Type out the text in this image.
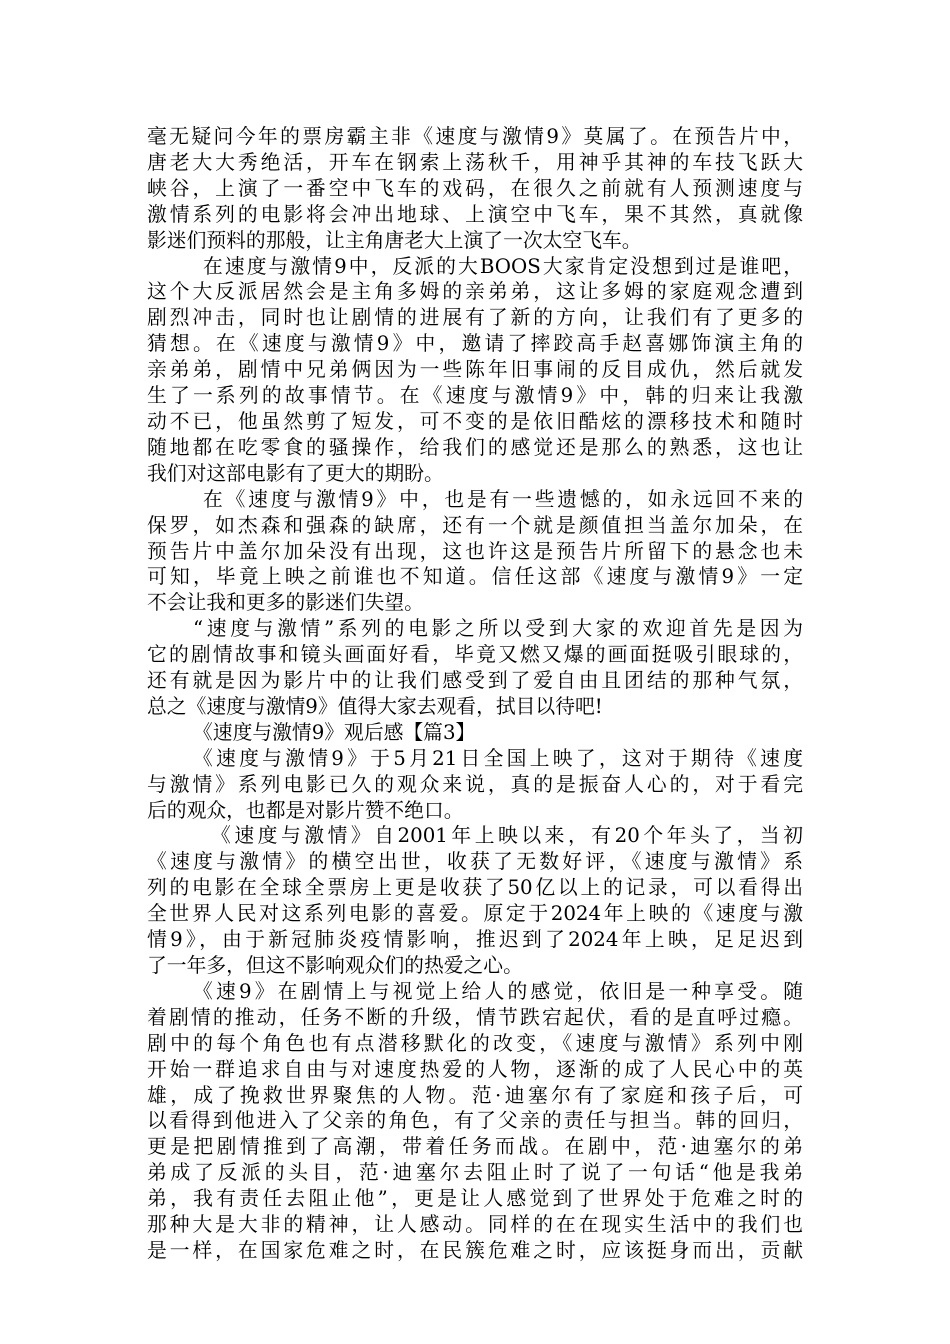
毫无疑问今年的票房霸主非《速度与激情9》莫属了。在预告片中，
唐老大大秀绝活，开车在钢索上荡秋千，用神乎其神的车技飞跃大
峡谷，上演了一番空中飞车的戏码，在很久之前就有人预测速度与
激情系列的电影将会冲出地球、上演空中飞车，果不其然，真就像
影迷们预料的那般，让主角唐老大上演了一次太空飞车。
在速度与激情9中，反派的大BOOS大家肯定没想到过是谁吧，
这个大反派居然会是主角多姆的亲弟弟，这让多姆的家庭观念遭到
剧烈冲击，同时也让剧情的进展有了新的方向，让我们有了更多的
猜想。在《速度与激情9》中，邀请了摔跤高手赵喜娜饰演主角的
亲弟弟，剧情中兄弟俩因为一些陈年旧事闹的反目成仇，然后就发
生了一系列的故事情节。在《速度与激情9》中，韩的归来让我激
动不已，他虽然剪了短发，可不变的是依旧酷炫的漂移技术和随时
随地都在吃零食的骚操作，给我们的感觉还是那么的熟悉，这也让
我们对这部电影有了更大的期盼。
在《速度与激情9》中，也是有一些遗憾的，如永远回不来的
保罗，如杰森和强森的缺席，还有一个就是颜值担当盖尔加朵，在
预告片中盖尔加朵没有出现，这也许这是预告片所留下的悬念也未
可知，毕竟上映之前谁也不知道。信任这部《速度与激情9》一定
不会让我和更多的影迷们失望。
“速度与激情”系列的电影之所以受到大家的欢迎首先是因为
它的剧情故事和镜头画面好看，毕竟又燃又爆的画面挺吸引眼球的，
还有就是因为影片中的让我们感受到了爱自由且团结的那种气氛，
总之《速度与激情9》值得大家去观看，拭目以待吧!
《速度与激情9》观后感【篇3】
《速度与激情9》于5月21日全国上映了，这对于期待《速度
与激情》系列电影已久的观众来说，真的是振奋人心的，对于看完
后的观众，也都是对影片赞不绝口。
《速度与激情》自2001年上映以来，有20个年头了，当初
《速度与激情》的横空出世，收获了无数好评，《速度与激情》系
列的电影在全球全票房上更是收获了50亿以上的记录，可以看得出
全世界人民对这系列电影的喜爱。原定于2024年上映的《速度与激
情9》，由于新冠肺炎疫情影响，推迟到了2024年上映，足足迟到
了一年多，但这不影响观众们的热爱之心。
《速9》在剧情上与视觉上给人的感觉，依旧是一种享受。随
着剧情的推动，任务不断的升级，情节跌宕起伏，看的是直呼过瘾。
剧中的每个角色也有点潜移默化的改变，《速度与激情》系列中刚
开始一群追求自由与对速度热爱的人物，逐渐的成了人民心中的英
雄，成了挽救世界聚焦的人物。范·迪塞尔有了家庭和孩子后，可
以看得到他进入了父亲的角色，有了父亲的责任与担当。韩的回归，
更是把剧情推到了高潮，带着任务而战。在剧中，范·迪塞尔的弟
弟成了反派的头目，范·迪塞尔去阻止时了说了一句话“他是我弟
弟，我有责任去阻止他”，更是让人感觉到了世界处于危难之时的
那种大是大非的精神，让人感动。同样的在在现实生活中的我们也
是一样，在国家危难之时，在民簇危难之时，应该挺身而出，贡献
